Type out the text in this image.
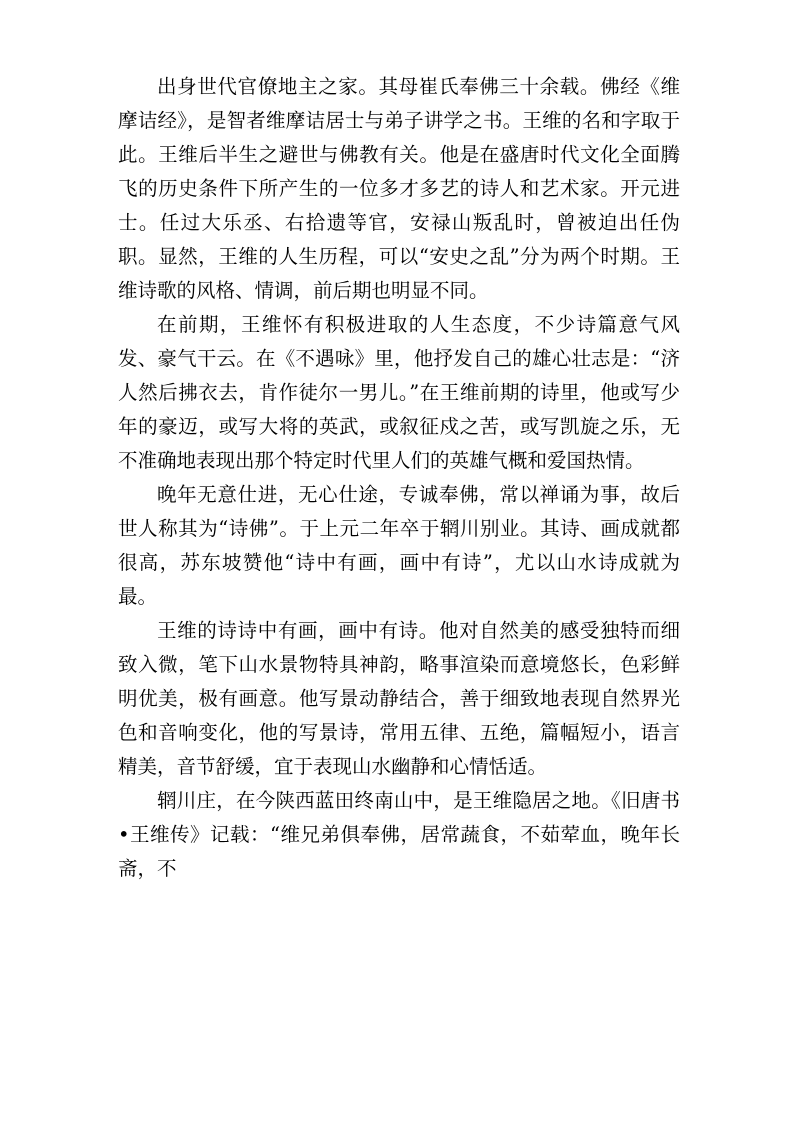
出身世代官僚地主之家。其母崔氏奉佛三十余载。佛经《维摩诘经》，是智者维摩诘居士与弟子讲学之书。王维的名和字取于此。王维后半生之避世与佛教有关。他是在盛唐时代文化全面腾飞的历史条件下所产生的一位多才多艺的诗人和艺术家。开元进士。任过大乐丞、右拾遗等官，安禄山叛乱时，曾被迫出任伪职。显然，王维的人生历程，可以“安史之乱”分为两个时期。王维诗歌的风格、情调，前后期也明显不同。

在前期，王维怀有积极进取的人生态度，不少诗篇意气风发、豪气干云。在《不遇咏》里，他抒发自己的雄心壮志是：“济人然后拂衣去，肯作徒尔一男儿。”在王维前期的诗里，他或写少年的豪迈，或写大将的英武，或叙征戍之苦，或写凯旋之乐，无不准确地表现出那个特定时代里人们的英雄气概和爱国热情。

晚年无意仕进，无心仕途，专诚奉佛，常以禅诵为事，故后世人称其为“诗佛”。于上元二年卒于辋川别业。其诗、画成就都很高，苏东坡赞他“诗中有画，画中有诗”，尤以山水诗成就为最。

王维的诗诗中有画，画中有诗。他对自然美的感受独特而细致入微，笔下山水景物特具神韵，略事渲染而意境悠长，色彩鲜明优美，极有画意。他写景动静结合，善于细致地表现自然界光色和音响变化，他的写景诗，常用五律、五绝，篇幅短小，语言精美，音节舒缓，宜于表现山水幽静和心情恬适。

辋川庄，在今陕西蓝田终南山中，是王维隐居之地。《旧唐书•王维传》记载：“维兄弟俱奉佛，居常蔬食，不茹荤血，晚年长斋，不
